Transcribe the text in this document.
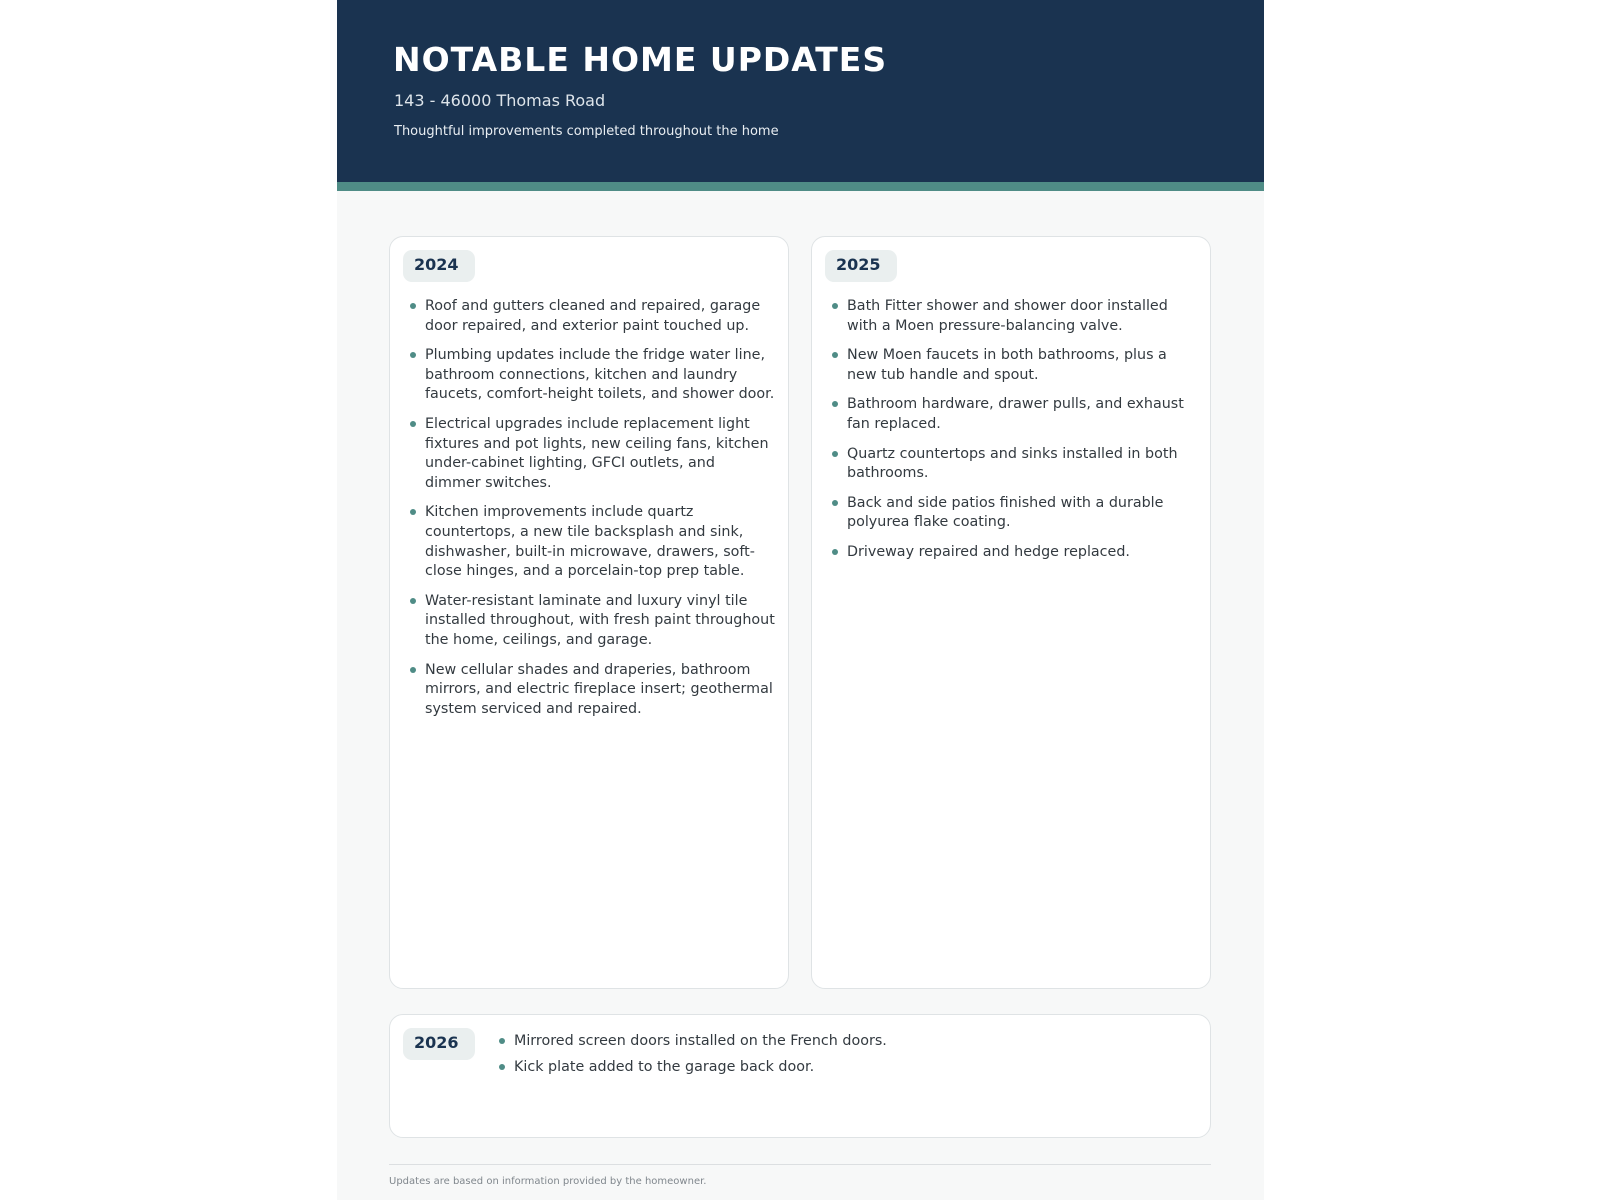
NOTABLE HOME UPDATES
143 - 46000 Thomas Road
Thoughtful improvements completed throughout the home
2024
Roof and gutters cleaned and repaired, garage door repaired, and exterior paint touched up.
Plumbing updates include the fridge water line, bathroom connections, kitchen and laundry faucets, comfort-height toilets, and shower door.
Electrical upgrades include replacement light fixtures and pot lights, new ceiling fans, kitchen under-cabinet lighting, GFCI outlets, and dimmer switches.
Kitchen improvements include quartz countertops, a new tile backsplash and sink, dishwasher, built-in microwave, drawers, soft-close hinges, and a porcelain-top prep table.
Water-resistant laminate and luxury vinyl tile installed throughout, with fresh paint throughout the home, ceilings, and garage.
New cellular shades and draperies, bathroom mirrors, and electric fireplace insert; geothermal system serviced and repaired.
2025
Bath Fitter shower and shower door installed with a Moen pressure-balancing valve.
New Moen faucets in both bathrooms, plus a new tub handle and spout.
Bathroom hardware, drawer pulls, and exhaust fan replaced.
Quartz countertops and sinks installed in both bathrooms.
Back and side patios finished with a durable polyurea flake coating.
Driveway repaired and hedge replaced.
2026	Mirrored screen doors installed on the French doors.
Kick plate added to the garage back door.
Updates are based on information provided by the homeowner.
